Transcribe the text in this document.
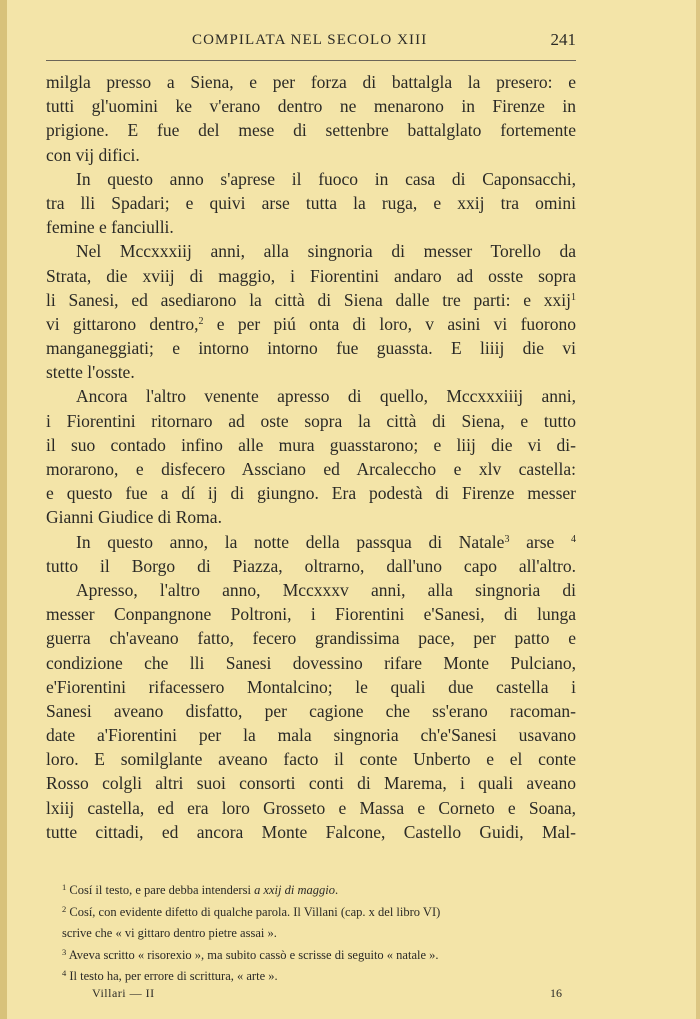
COMPILATA NEL SECOLO XIII	241
milgla presso a Siena, e per forza di battalgla la presero: e
tutti gl'uomini ke v'erano dentro ne menarono in Firenze in
prigione. E fue del mese di settenbre battalglato fortemente
con vij difici.
In questo anno s'aprese il fuoco in casa di Caponsacchi,
tra lli Spadari; e quivi arse tutta la ruga, e xxij tra omini
femine e fanciulli.
Nel Mccxxxiij anni, alla singnoria di messer Torello da
Strata, die xviij di maggio, i Fiorentini andaro ad osste sopra
li Sanesi, ed asediarono la città di Siena dalle tre parti: e xxij$^1$
vi gittarono dentro,$^2$ e per piú onta di loro, v asini vi fuorono
manganeggiati; e intorno intorno fue guassta. E liiij die vi
stette l'osste.
Ancora l'altro venente apresso di quello, Mccxxxiiij anni,
i Fiorentini ritornaro ad oste sopra la città di Siena, e tutto
il suo contado infino alle mura guasstarono; e liij die vi di-
morarono, e disfecero Assciano ed Arcalecchо e xlv castella:
e questo fue a dí ij di giungno. Era podestà di Firenze messer
Gianni Giudice di Roma.
In questo anno, la notte della passqua di Natale$^3$ arse $^4$
tutto il Borgo di Piazza, oltrarno, dall'uno capo all'altro.
Apresso, l'altro anno, Mccxxxv anni, alla singnoria di
messer Conpangnone Poltroni, i Fiorentini e'Sanesi, di lunga
guerra ch'aveano fatto, fecero grandissima pace, per patto e
condizione che lli Sanesi dovessino rifare Monte Pulciano,
e'Fiorentini rifacessero Montalcino; le quali due castella i
Sanesi aveano disfatto, per cagione che ss'erano racoman-
date a'Fiorentini per la mala singnoria ch'e'Sanesi usavano
loro. E somilglante aveano facto il conte Unberto e el conte
Rosso colgli altri suoi consorti conti di Marema, i quali aveano
lxiij castella, ed era loro Grosseto e Massa e Corneto e Soana,
tutte cittadi, ed ancora Monte Falcone, Castello Guidi, Mal-
$^1$ Cosí il testo, e pare debba intendersi a xxij di maggio.
$^2$ Cosí, con evidente difetto di qualche parola. Il Villani (cap. x del libro VI)
scrive che « vi gittaro dentro pietre assai ».
$^3$ Aveva scritto « risorexio », ma subito cassò e scrisse di seguito « natale ».
$^4$ Il testo ha, per errore di scrittura, « arte ».
Villari — II	16
